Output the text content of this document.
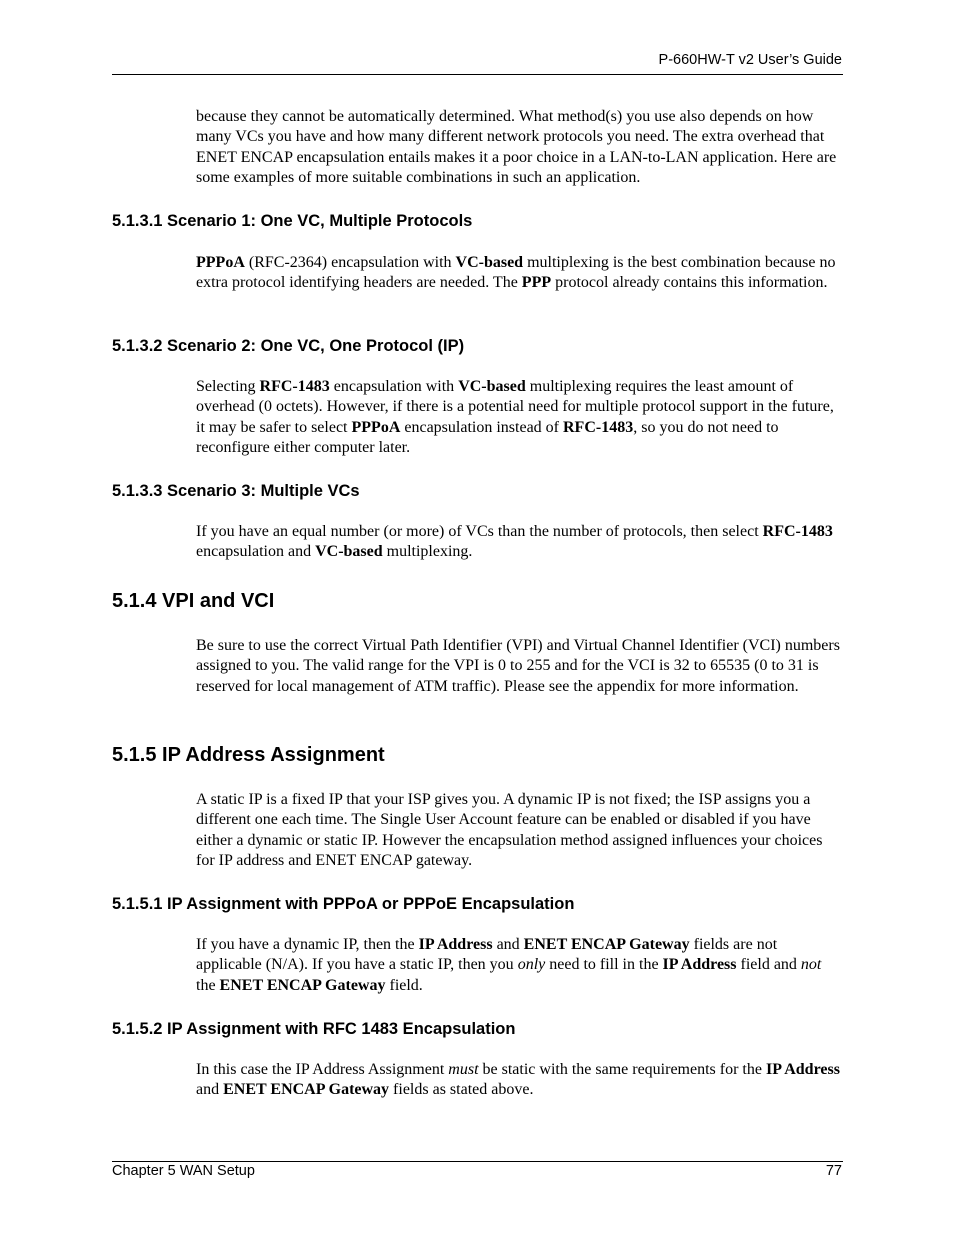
P-660HW-T v2 User’s Guide

because they cannot be automatically determined. What method(s) you use also depends on how many VCs you have and how many different network protocols you need. The extra overhead that ENET ENCAP encapsulation entails makes it a poor choice in a LAN-to-LAN application. Here are some examples of more suitable combinations in such an application.

5.1.3.1 Scenario 1: One VC, Multiple Protocols

PPPoA (RFC-2364) encapsulation with VC-based multiplexing is the best combination because no extra protocol identifying headers are needed. The PPP protocol already contains this information.

5.1.3.2 Scenario 2: One VC, One Protocol (IP)

Selecting RFC-1483 encapsulation with VC-based multiplexing requires the least amount of overhead (0 octets). However, if there is a potential need for multiple protocol support in the future, it may be safer to select PPPoA encapsulation instead of RFC-1483, so you do not need to reconfigure either computer later.

5.1.3.3 Scenario 3: Multiple VCs

If you have an equal number (or more) of VCs than the number of protocols, then select RFC-1483 encapsulation and VC-based multiplexing.

5.1.4 VPI and VCI

Be sure to use the correct Virtual Path Identifier (VPI) and Virtual Channel Identifier (VCI) numbers assigned to you. The valid range for the VPI is 0 to 255 and for the VCI is 32 to 65535 (0 to 31 is reserved for local management of ATM traffic). Please see the appendix for more information.

5.1.5 IP Address Assignment

A static IP is a fixed IP that your ISP gives you. A dynamic IP is not fixed; the ISP assigns you a different one each time. The Single User Account feature can be enabled or disabled if you have either a dynamic or static IP. However the encapsulation method assigned influences your choices for IP address and ENET ENCAP gateway.

5.1.5.1 IP Assignment with PPPoA or PPPoE Encapsulation

If you have a dynamic IP, then the IP Address and ENET ENCAP Gateway fields are not applicable (N/A). If you have a static IP, then you only need to fill in the IP Address field and not the ENET ENCAP Gateway field.

5.1.5.2 IP Assignment with RFC 1483 Encapsulation

In this case the IP Address Assignment must be static with the same requirements for the IP Address and ENET ENCAP Gateway fields as stated above.

Chapter 5 WAN Setup	77
